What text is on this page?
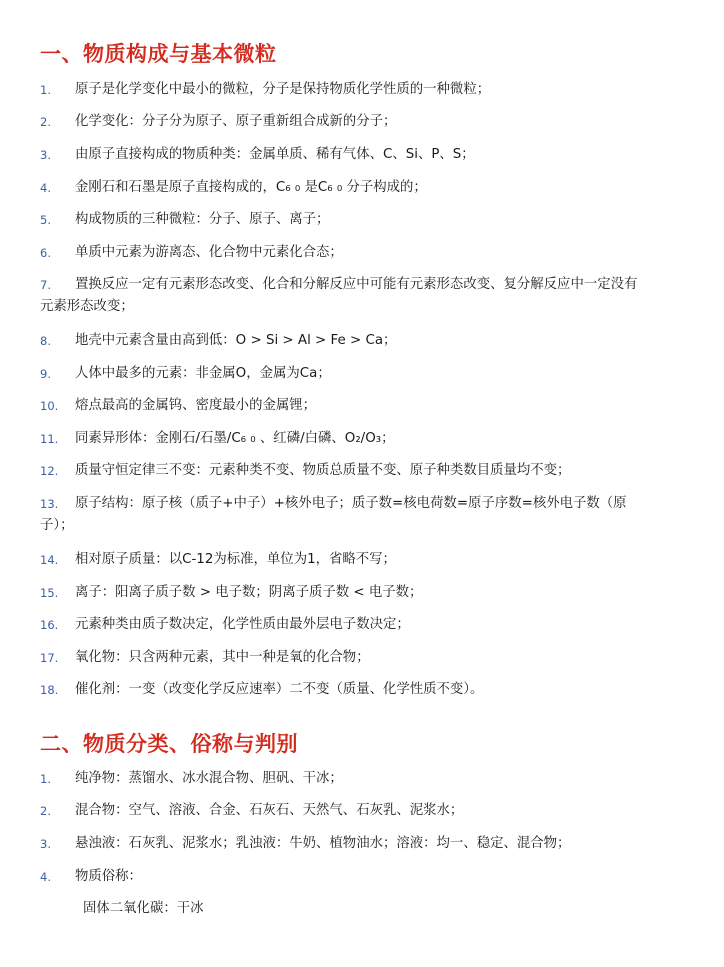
一、物质构成与基本微粒
1.	原子是化学变化中最小的微粒，分子是保持物质化学性质的一种微粒；
2.	化学变化：分子分为原子、原子重新组合成新的分子；
3.	由原子直接构成的物质种类：金属单质、稀有气体、C、Si、P、S；
4.	金刚石和石墨是原子直接构成的，C₆ ₀ 是C₆ ₀ 分子构成的；
5.	构成物质的三种微粒：分子、原子、离子；
6.	单质中元素为游离态、化合物中元素化合态；
7.	置换反应一定有元素形态改变、化合和分解反应中可能有元素形态改变、复分解反应中一定没有
元素形态改变；
8.	地壳中元素含量由高到低：O > Si > Al > Fe > Ca；
9.	人体中最多的元素：非金属O，金属为Ca；
10.	熔点最高的金属钨、密度最小的金属锂；
11.	同素异形体：金刚石/石墨/C₆ ₀ 、红磷/白磷、O₂/O₃；
12.	质量守恒定律三不变：元素种类不变、物质总质量不变、原子种类数目质量均不变；
13.	原子结构：原子核（质子+中子）+核外电子；质子数=核电荷数=原子序数=核外电子数（原
子）；
14.	相对原子质量：以C-12为标准，单位为1，省略不写；
15.	离子：阳离子质子数 > 电子数；阴离子质子数 < 电子数；
16.	元素种类由质子数决定，化学性质由最外层电子数决定；
17.	氧化物：只含两种元素，其中一种是氧的化合物；
18.	催化剂：一变（改变化学反应速率）二不变（质量、化学性质不变）。
二、物质分类、俗称与判别
1.	纯净物：蒸馏水、冰水混合物、胆矾、干冰；
2.	混合物：空气、溶液、合金、石灰石、天然气、石灰乳、泥浆水；
3.	悬浊液：石灰乳、泥浆水；乳浊液：牛奶、植物油水；溶液：均一、稳定、混合物；
4.	物质俗称：
固体二氧化碳：干冰
